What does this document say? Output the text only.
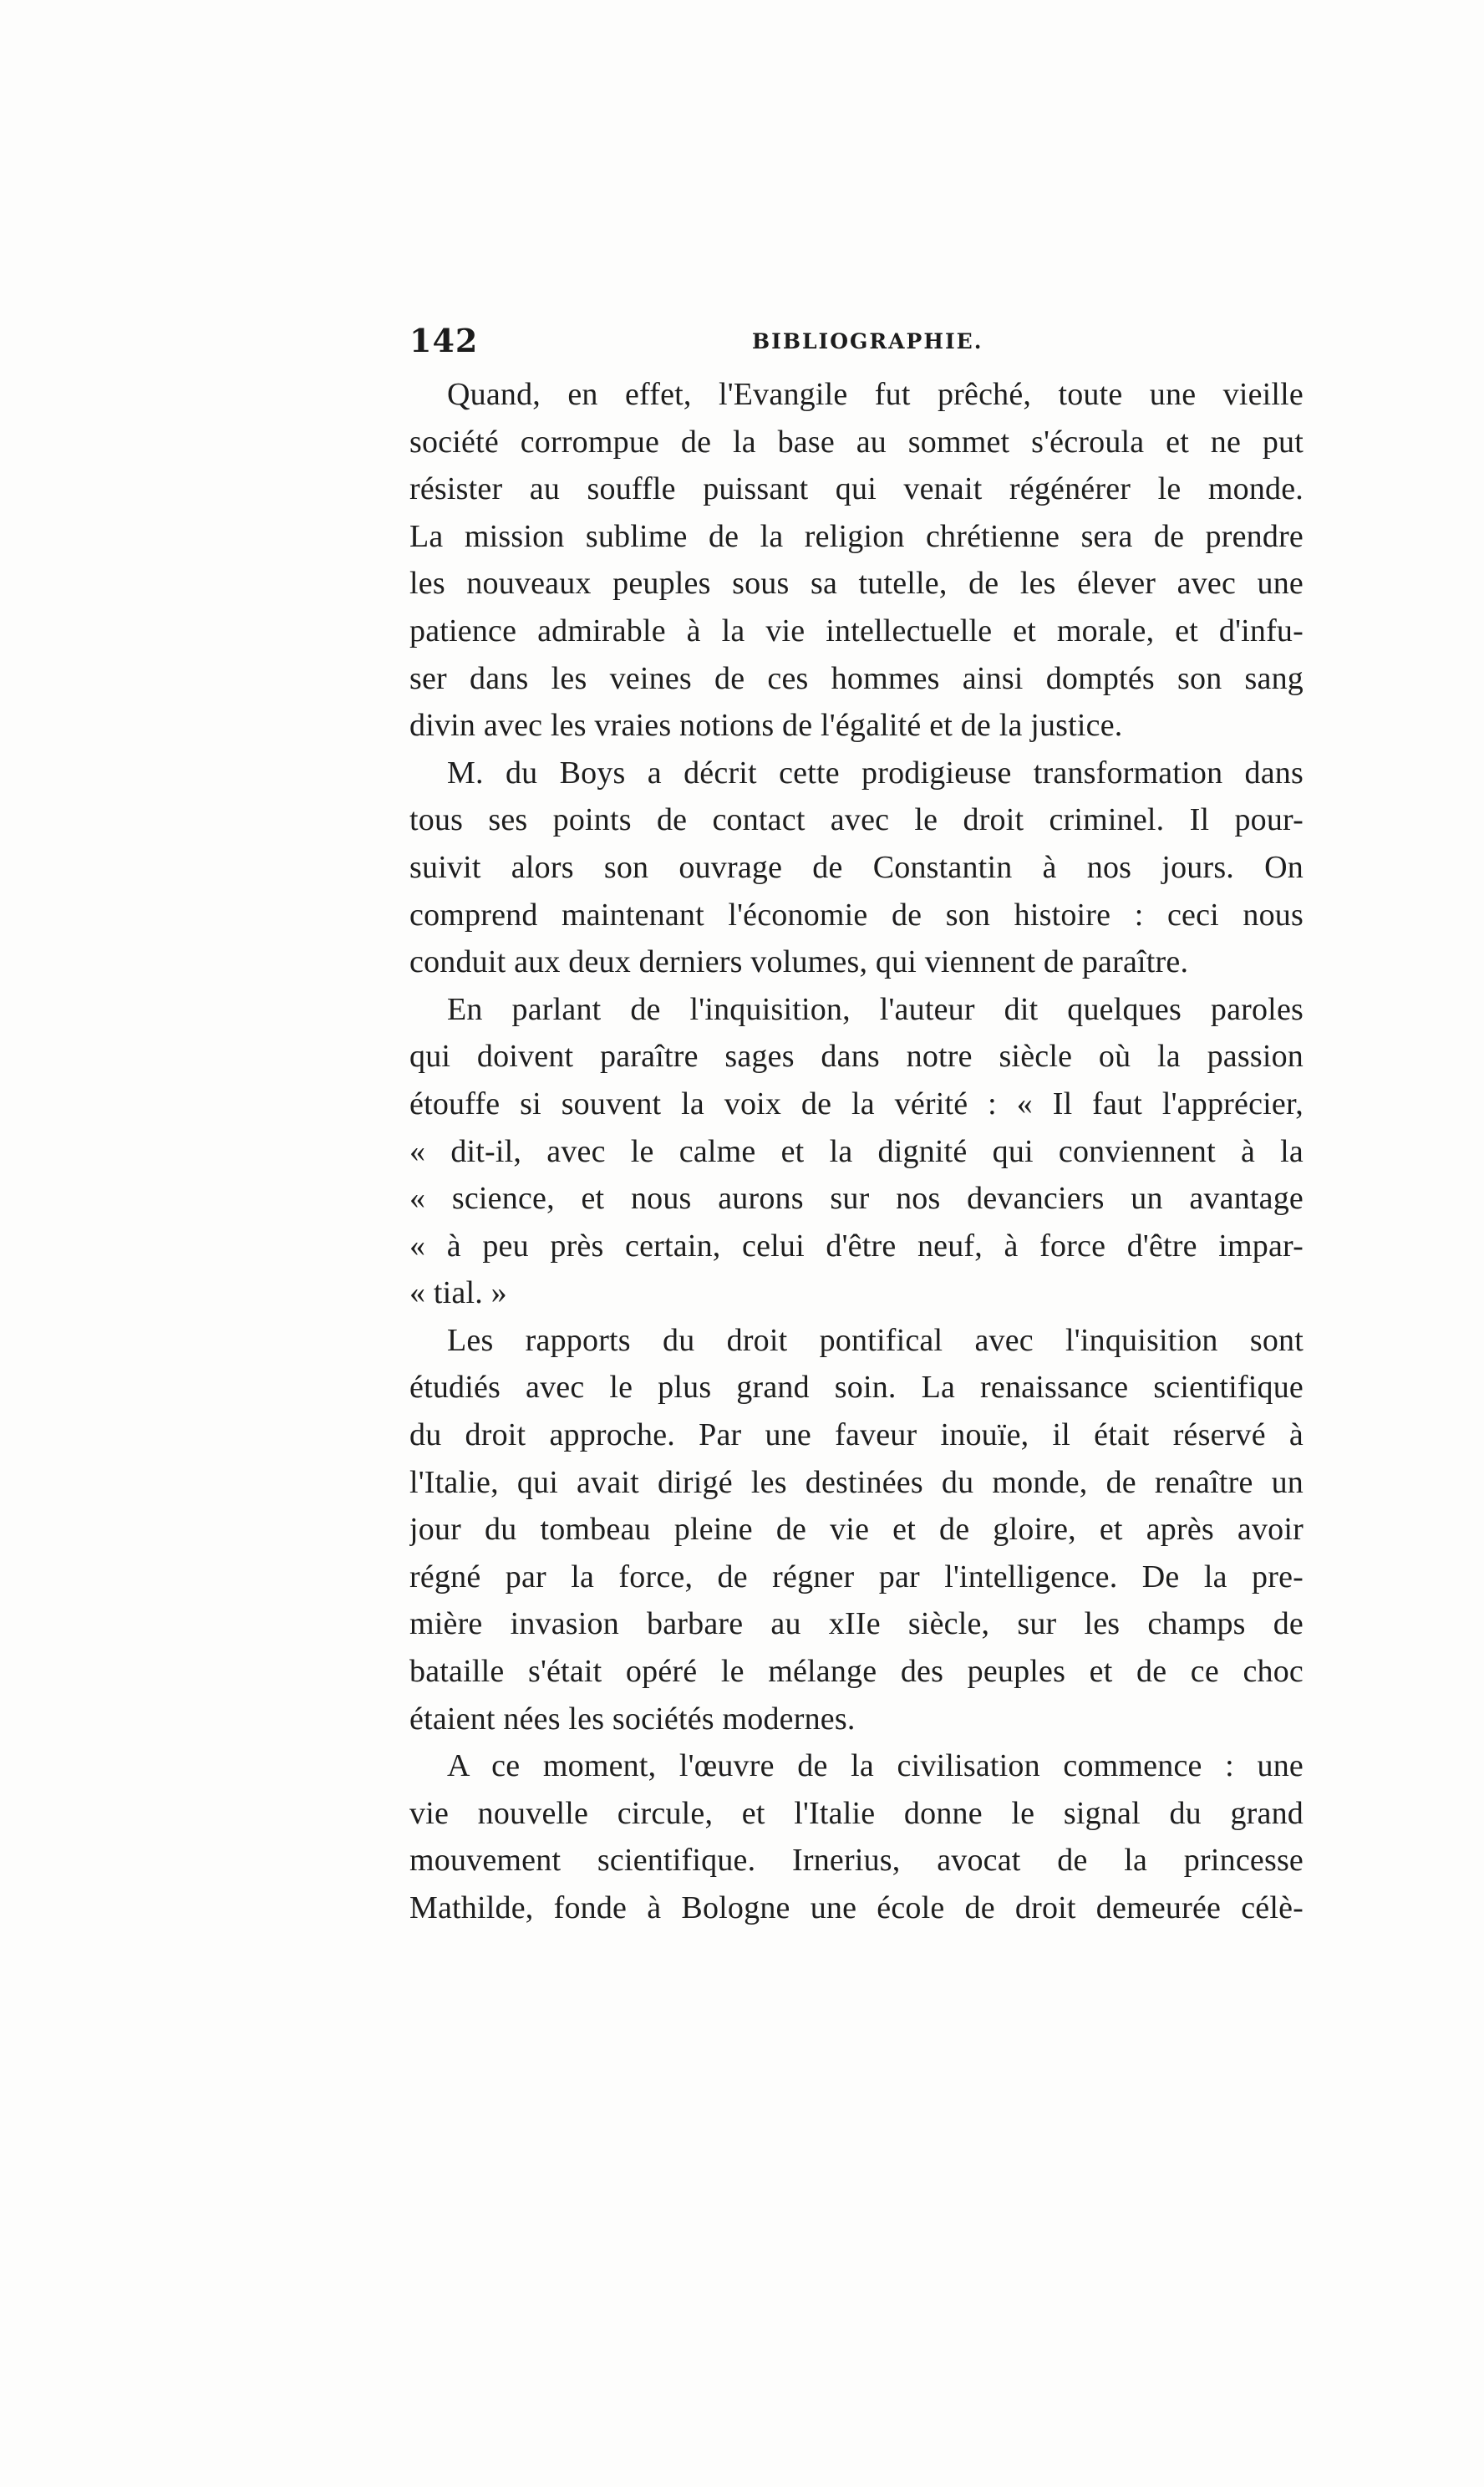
142	BIBLIOGRAPHIE.
Quand, en effet, l'Evangile fut prêché, toute une vieille
société corrompue de la base au sommet s'écroula et ne put
résister au souffle puissant qui venait régénérer le monde.
La mission sublime de la religion chrétienne sera de prendre
les nouveaux peuples sous sa tutelle, de les élever avec une
patience admirable à la vie intellectuelle et morale, et d'infu-
ser dans les veines de ces hommes ainsi domptés son sang
divin avec les vraies notions de l'égalité et de la justice.
M. du Boys a décrit cette prodigieuse transformation dans
tous ses points de contact avec le droit criminel. Il pour-
suivit alors son ouvrage de Constantin à nos jours. On
comprend maintenant l'économie de son histoire : ceci nous
conduit aux deux derniers volumes, qui viennent de paraître.
En parlant de l'inquisition, l'auteur dit quelques paroles
qui doivent paraître sages dans notre siècle où la passion
étouffe si souvent la voix de la vérité : « Il faut l'apprécier,
« dit-il, avec le calme et la dignité qui conviennent à la
« science, et nous aurons sur nos devanciers un avantage
« à peu près certain, celui d'être neuf, à force d'être impar-
« tial. »
Les rapports du droit pontifical avec l'inquisition sont
étudiés avec le plus grand soin. La renaissance scientifique
du droit approche. Par une faveur inouïe, il était réservé à
l'Italie, qui avait dirigé les destinées du monde, de renaître un
jour du tombeau pleine de vie et de gloire, et après avoir
régné par la force, de régner par l'intelligence. De la pre-
mière invasion barbare au xIIe siècle, sur les champs de
bataille s'était opéré le mélange des peuples et de ce choc
étaient nées les sociétés modernes.
A ce moment, l'œuvre de la civilisation commence : une
vie nouvelle circule, et l'Italie donne le signal du grand
mouvement scientifique. Irnerius, avocat de la princesse
Mathilde, fonde à Bologne une école de droit demeurée célè-
